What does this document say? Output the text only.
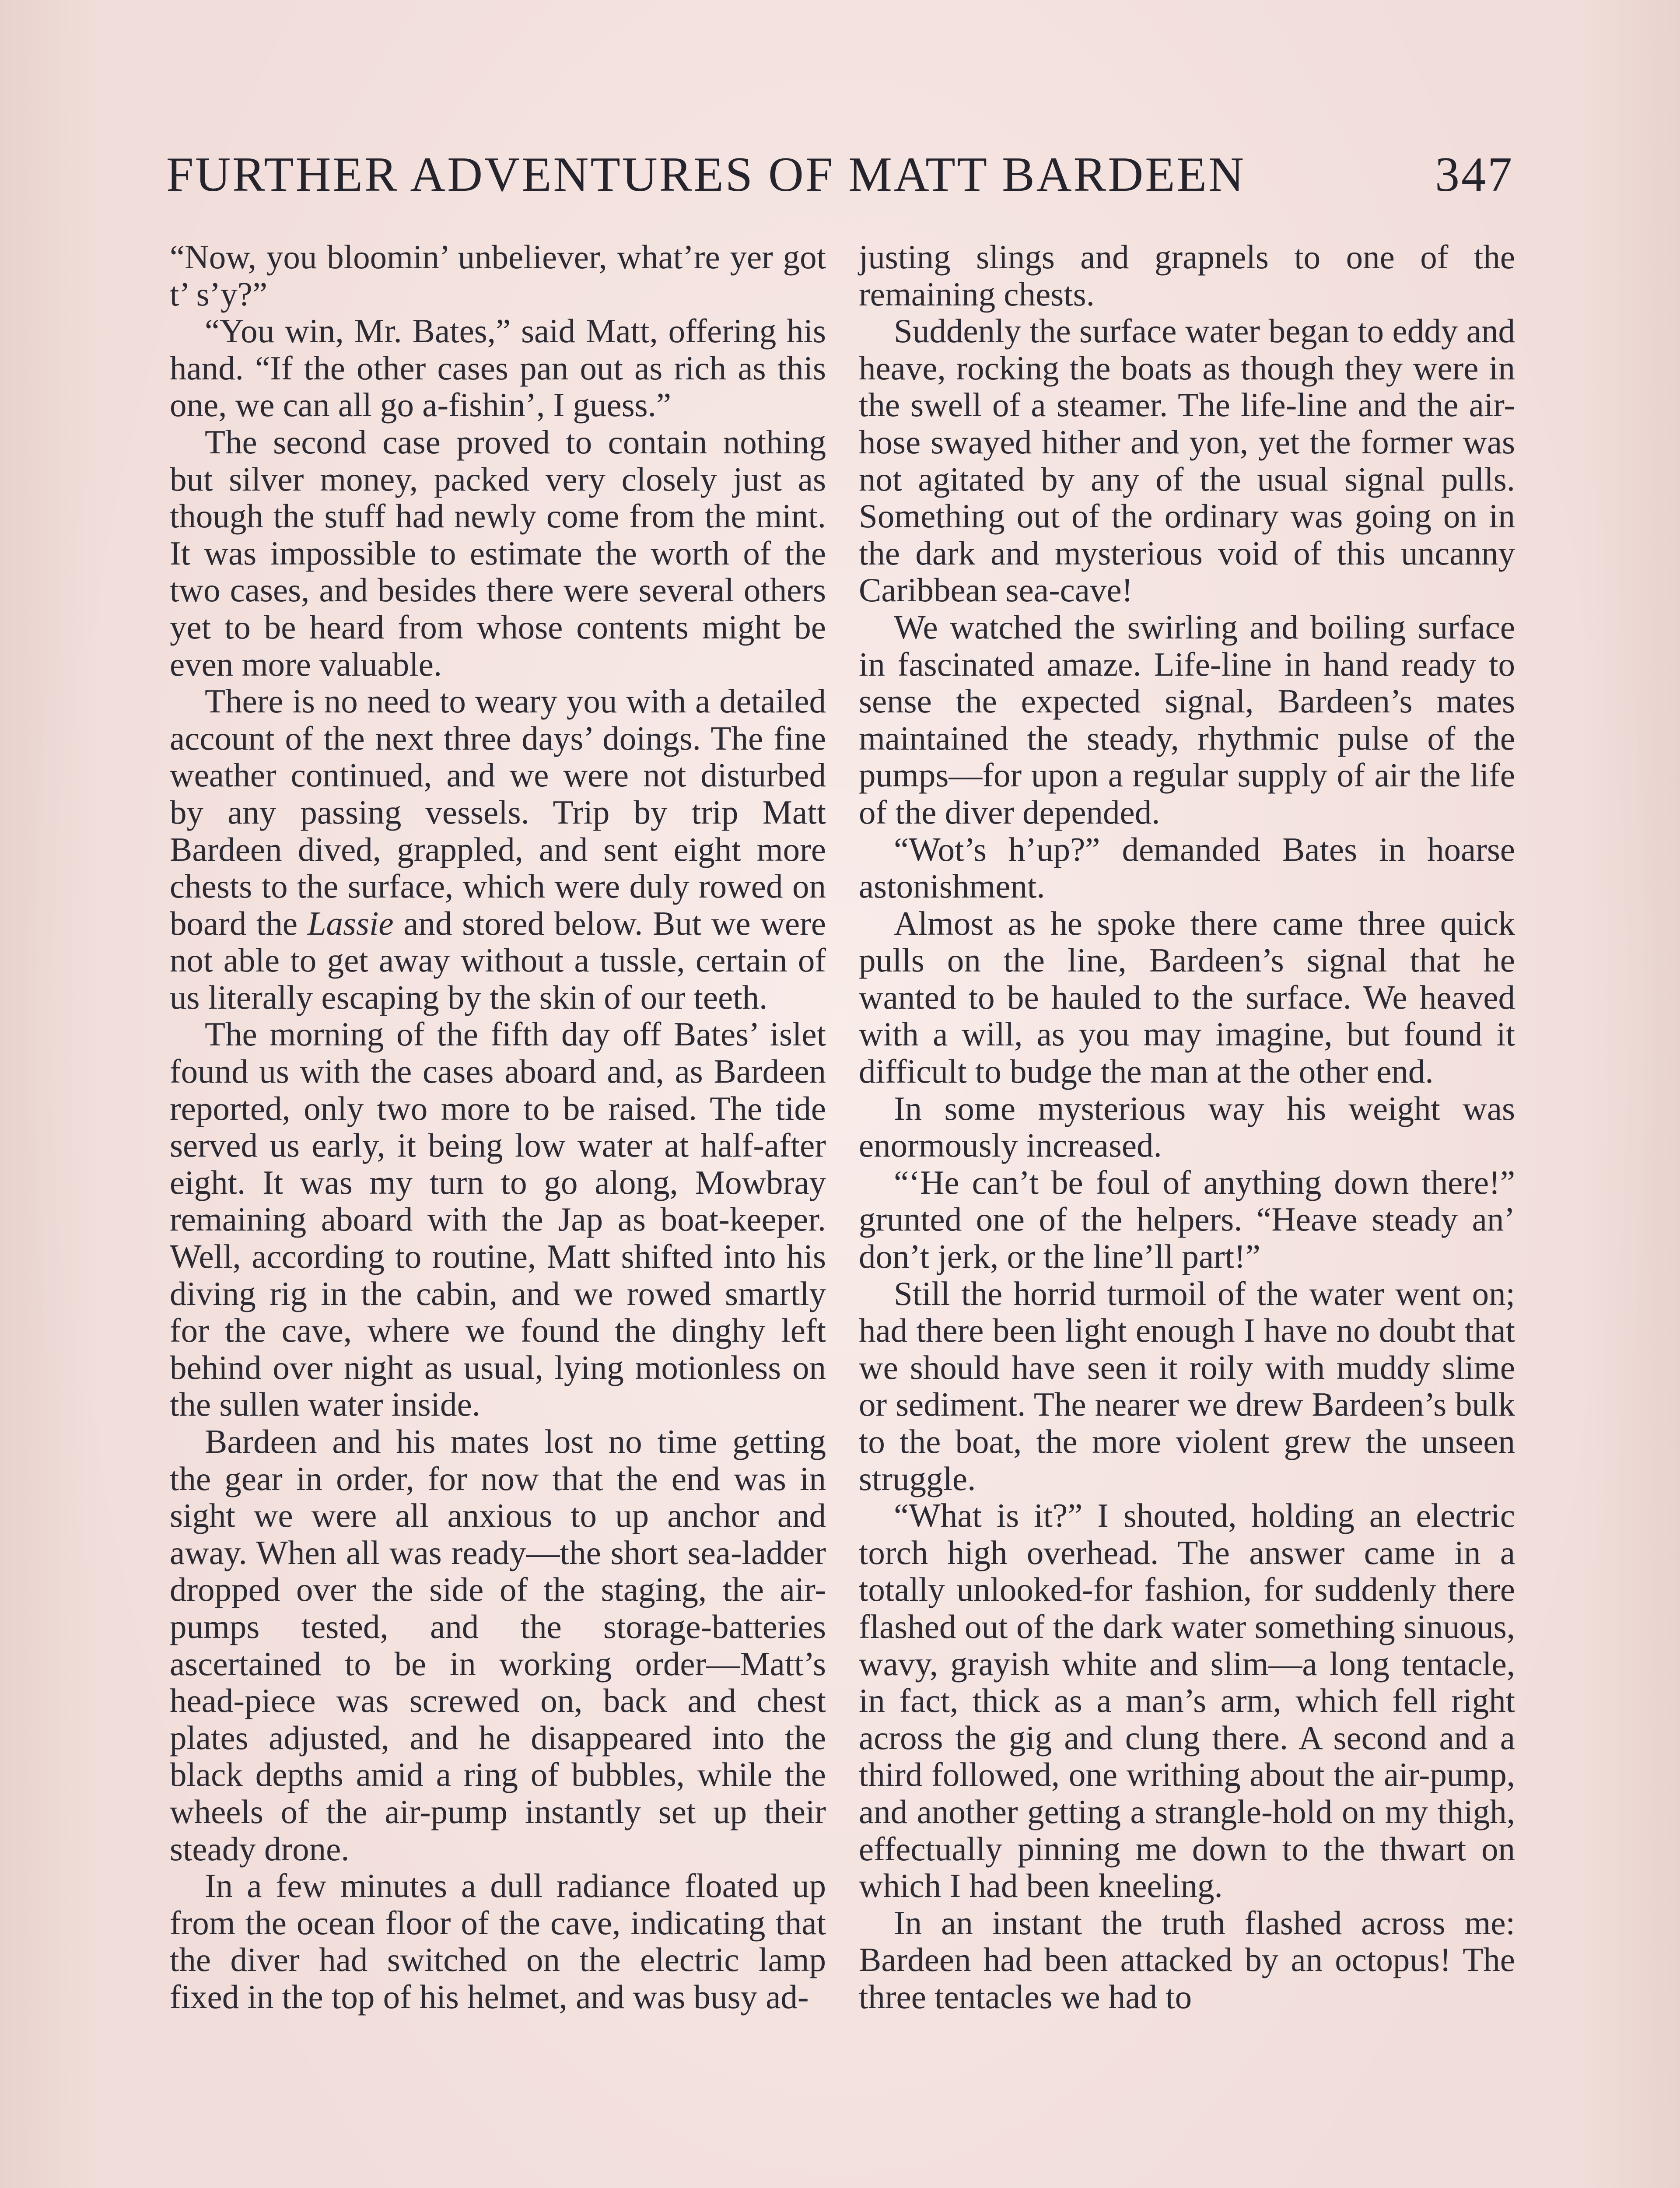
FURTHER ADVENTURES OF MATT BARDEEN	347

“Now, you bloomin’ unbeliever, what’re yer got t’ s’y?”

“You win, Mr. Bates,” said Matt, offering his hand. “If the other cases pan out as rich as this one, we can all go a-fishin’, I guess.”

The second case proved to contain nothing but silver money, packed very closely just as though the stuff had newly come from the mint. It was impossible to estimate the worth of the two cases, and besides there were several others yet to be heard from whose contents might be even more valuable.

There is no need to weary you with a detailed account of the next three days’ doings. The fine weather continued, and we were not disturbed by any passing vessels. Trip by trip Matt Bardeen dived, grappled, and sent eight more chests to the surface, which were duly rowed on board the Lassie and stored below. But we were not able to get away without a tussle, certain of us literally escaping by the skin of our teeth.

The morning of the fifth day off Bates’ islet found us with the cases aboard and, as Bardeen reported, only two more to be raised. The tide served us early, it being low water at half-after eight. It was my turn to go along, Mowbray remaining aboard with the Jap as boat-keeper. Well, according to routine, Matt shifted into his diving rig in the cabin, and we rowed smartly for the cave, where we found the dinghy left behind over night as usual, lying motionless on the sullen water inside.

Bardeen and his mates lost no time getting the gear in order, for now that the end was in sight we were all anxious to up anchor and away. When all was ready—the short sea-ladder dropped over the side of the staging, the air-pumps tested, and the storage-batteries ascertained to be in working order—Matt’s head-piece was screwed on, back and chest plates adjusted, and he disappeared into the black depths amid a ring of bubbles, while the wheels of the air-pump instantly set up their steady drone.

In a few minutes a dull radiance floated up from the ocean floor of the cave, indicating that the diver had switched on the electric lamp fixed in the top of his helmet, and was busy ad-

justing slings and grapnels to one of the remaining chests.

Suddenly the surface water began to eddy and heave, rocking the boats as though they were in the swell of a steamer. The life-line and the air-hose swayed hither and yon, yet the former was not agitated by any of the usual signal pulls. Something out of the ordinary was going on in the dark and mysterious void of this uncanny Caribbean sea-cave!

We watched the swirling and boiling surface in fascinated amaze. Life-line in hand ready to sense the expected signal, Bardeen’s mates maintained the steady, rhythmic pulse of the pumps—for upon a regular supply of air the life of the diver depended.

“Wot’s h’up?” demanded Bates in hoarse astonishment.

Almost as he spoke there came three quick pulls on the line, Bardeen’s signal that he wanted to be hauled to the surface. We heaved with a will, as you may imagine, but found it difficult to budge the man at the other end.

In some mysterious way his weight was enormously increased.

“‘He can’t be foul of anything down there!” grunted one of the helpers. “Heave steady an’ don’t jerk, or the line’ll part!”

Still the horrid turmoil of the water went on; had there been light enough I have no doubt that we should have seen it roily with muddy slime or sediment. The nearer we drew Bardeen’s bulk to the boat, the more violent grew the unseen struggle.

“What is it?” I shouted, holding an electric torch high overhead. The answer came in a totally unlooked-for fashion, for suddenly there flashed out of the dark water something sinuous, wavy, grayish white and slim—a long tentacle, in fact, thick as a man’s arm, which fell right across the gig and clung there. A second and a third followed, one writhing about the air-pump, and another getting a strangle-hold on my thigh, effectually pinning me down to the thwart on which I had been kneeling.

In an instant the truth flashed across me: Bardeen had been attacked by an octopus! The three tentacles we had to
